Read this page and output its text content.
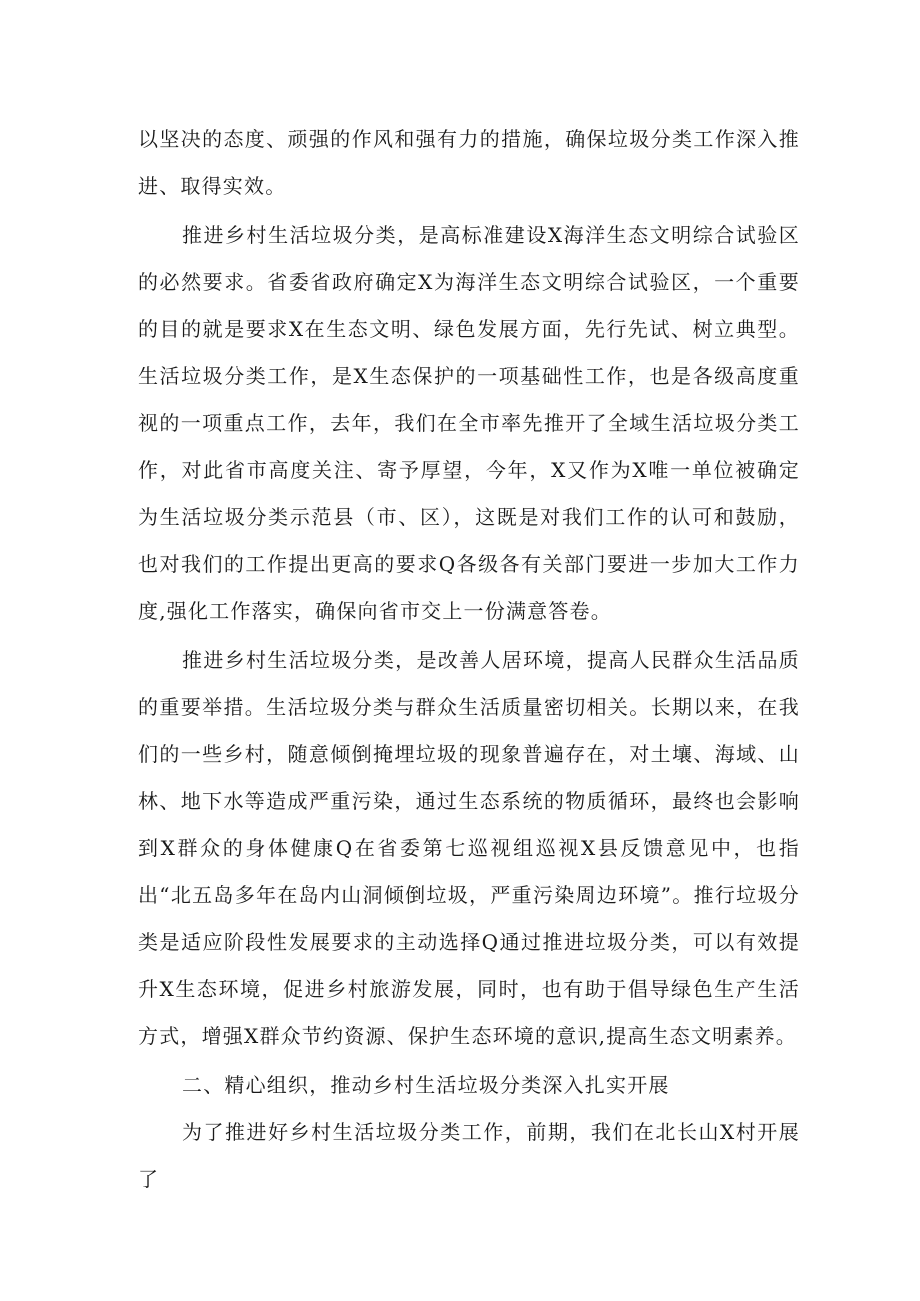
以坚决的态度、顽强的作风和强有力的措施，确保垃圾分类工作深入推进、取得实效。

推进乡村生活垃圾分类，是高标准建设X海洋生态文明综合试验区的必然要求。省委省政府确定X为海洋生态文明综合试验区，一个重要的目的就是要求X在生态文明、绿色发展方面，先行先试、树立典型。生活垃圾分类工作，是X生态保护的一项基础性工作，也是各级高度重视的一项重点工作，去年，我们在全市率先推开了全域生活垃圾分类工作，对此省市高度关注、寄予厚望，今年，X又作为X唯一单位被确定为生活垃圾分类示范县（市、区），这既是对我们工作的认可和鼓励，也对我们的工作提出更高的要求Q各级各有关部门要进一步加大工作力度,强化工作落实，确保向省市交上一份满意答卷。

推进乡村生活垃圾分类，是改善人居环境，提高人民群众生活品质的重要举措。生活垃圾分类与群众生活质量密切相关。长期以来，在我们的一些乡村，随意倾倒掩埋垃圾的现象普遍存在，对土壤、海域、山林、地下水等造成严重污染，通过生态系统的物质循环，最终也会影响到X群众的身体健康Q在省委第七巡视组巡视X县反馈意见中，也指出“北五岛多年在岛内山洞倾倒垃圾，严重污染周边环境”。推行垃圾分类是适应阶段性发展要求的主动选择Q通过推进垃圾分类，可以有效提升X生态环境，促进乡村旅游发展，同时，也有助于倡导绿色生产生活方式，增强X群众节约资源、保护生态环境的意识,提高生态文明素养。

二、精心组织，推动乡村生活垃圾分类深入扎实开展

为了推进好乡村生活垃圾分类工作，前期，我们在北长山X村开展了
